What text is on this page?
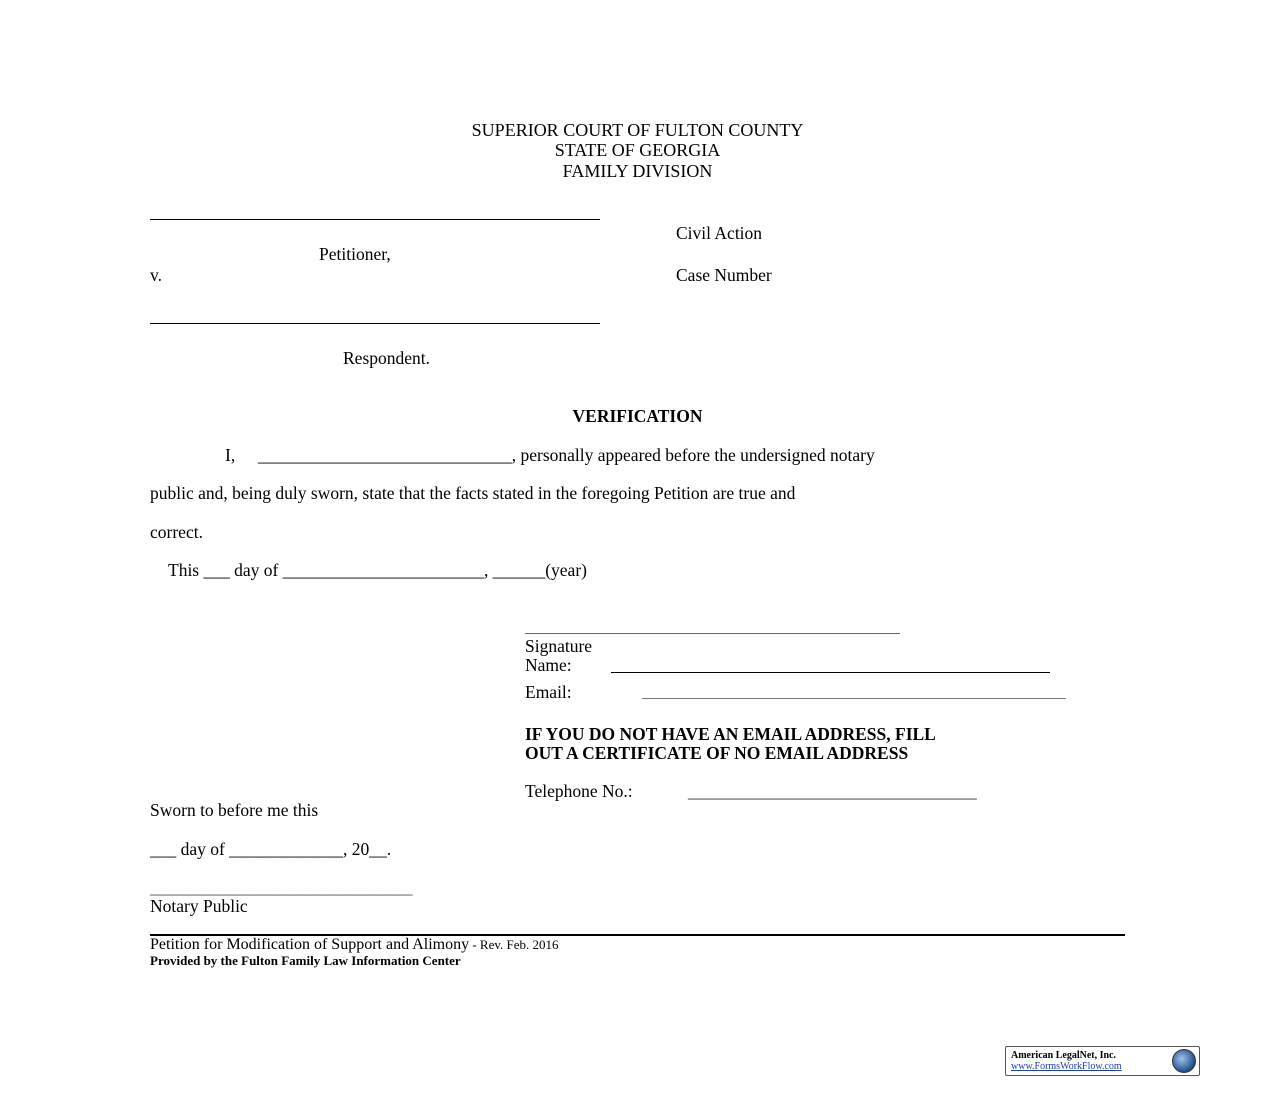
SUPERIOR COURT OF FULTON COUNTY
STATE OF GEORGIA
FAMILY DIVISION
Petitioner,
v.
Respondent.
Civil Action
Case Number
VERIFICATION
I, _____________________________, personally appeared before the undersigned notary
public and, being duly sworn, state that the facts stated in the foregoing Petition are true and
correct.
This ___ day of _______________________, ______(year)
Signature
Name:
Email:
IF YOU DO NOT HAVE AN EMAIL ADDRESS, FILL
OUT A CERTIFICATE OF NO EMAIL ADDRESS
Telephone No.:	_________________________________
Sworn to before me this
___ day of _____________, 20__.
______________________________
Notary Public
Petition for Modification of Support and Alimony - Rev. Feb. 2016
Provided by the Fulton Family Law Information Center
American LegalNet, Inc.
www.FormsWorkFlow.com
